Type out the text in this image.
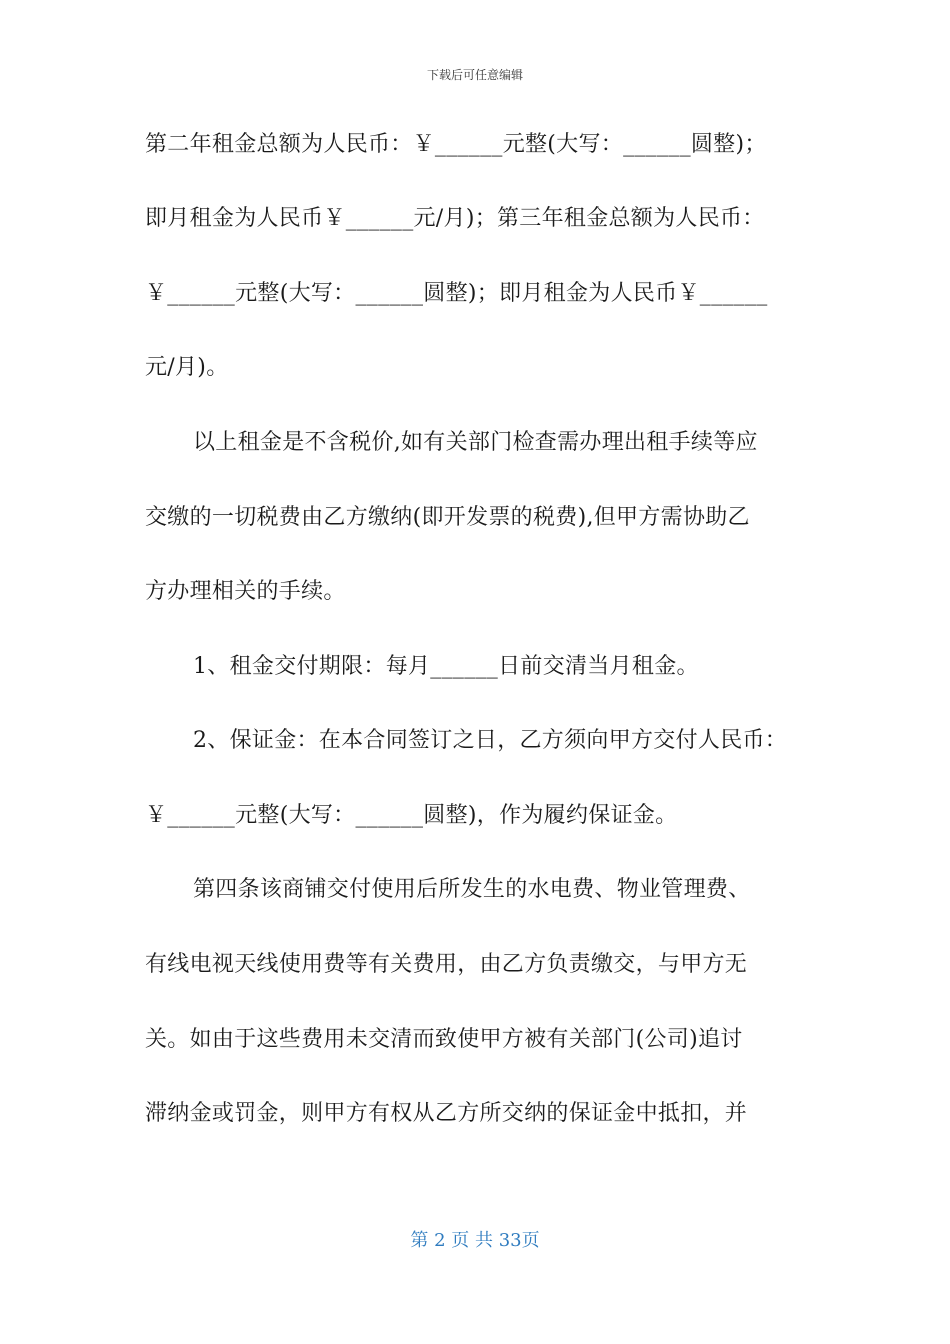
下载后可任意编辑
第二年租金总额为人民币：￥______元整(大写：______圆整)；
即月租金为人民币￥______元/月)；第三年租金总额为人民币：
￥______元整(大写：______圆整)；即月租金为人民币￥______
元/月)。
以上租金是不含税价,如有关部门检查需办理出租手续等应
交缴的一切税费由乙方缴纳(即开发票的税费),但甲方需协助乙
方办理相关的手续。
1、租金交付期限：每月______日前交清当月租金。
2、保证金：在本合同签订之日，乙方须向甲方交付人民币：
￥______元整(大写：______圆整)，作为履约保证金。
第四条该商铺交付使用后所发生的水电费、物业管理费、
有线电视天线使用费等有关费用，由乙方负责缴交，与甲方无
关。如由于这些费用未交清而致使甲方被有关部门(公司)追讨
滞纳金或罚金，则甲方有权从乙方所交纳的保证金中抵扣，并
第 2 页 共 33页
